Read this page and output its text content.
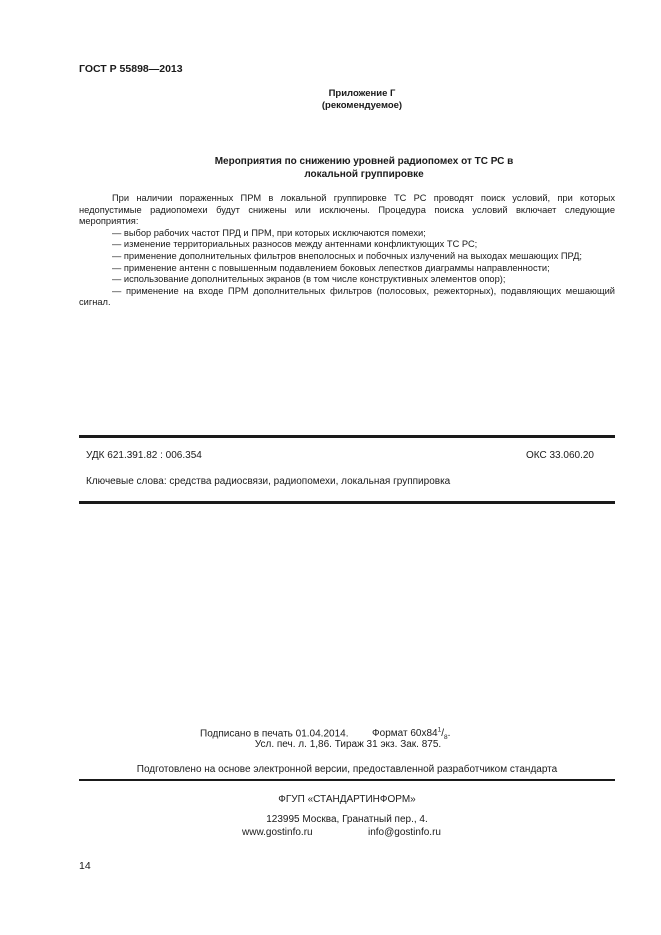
ГОСТ Р 55898—2013
Приложение Г
(рекомендуемое)
Мероприятия по снижению уровней радиопомех от ТС РС в
локальной группировке

При наличии пораженных ПРМ в локальной группировке ТС РС проводят поиск условий, при которых недопустимые радиопомехи будут снижены или исключены. Процедура поиска условий включает следующие мероприятия:

— выбор рабочих частот ПРД и ПРМ, при которых исключаются помехи;

— изменение территориальных разносов между антеннами конфликтующих ТС РС;

— применение дополнительных фильтров внеполосных и побочных излучений на выходах мешающих ПРД;

— применение антенн с повышенным подавлением боковых лепестков диаграммы направленности;

— использование дополнительных экранов (в том числе конструктивных элементов опор);

— применение на входе ПРМ дополнительных фильтров (полосовых, режекторных), подавляющих мешающий сигнал.

УДК 621.391.82 : 006.354	ОКС 33.060.20
Ключевые слова: средства радиосвязи, радиопомехи, локальная группировка
Подписано в печать 01.04.2014. Формат $60x84^1/_8$.
Усл. печ. л. 1,86. Тираж 31 экз. Зак. 875.
Подготовлено на основе электронной версии, предоставленной разработчиком стандарта
ФГУП «СТАНДАРТИНФОРМ»
123995 Москва, Гранатный пер., 4.
www.gostinfo.ru	info@gostinfo.ru
14
